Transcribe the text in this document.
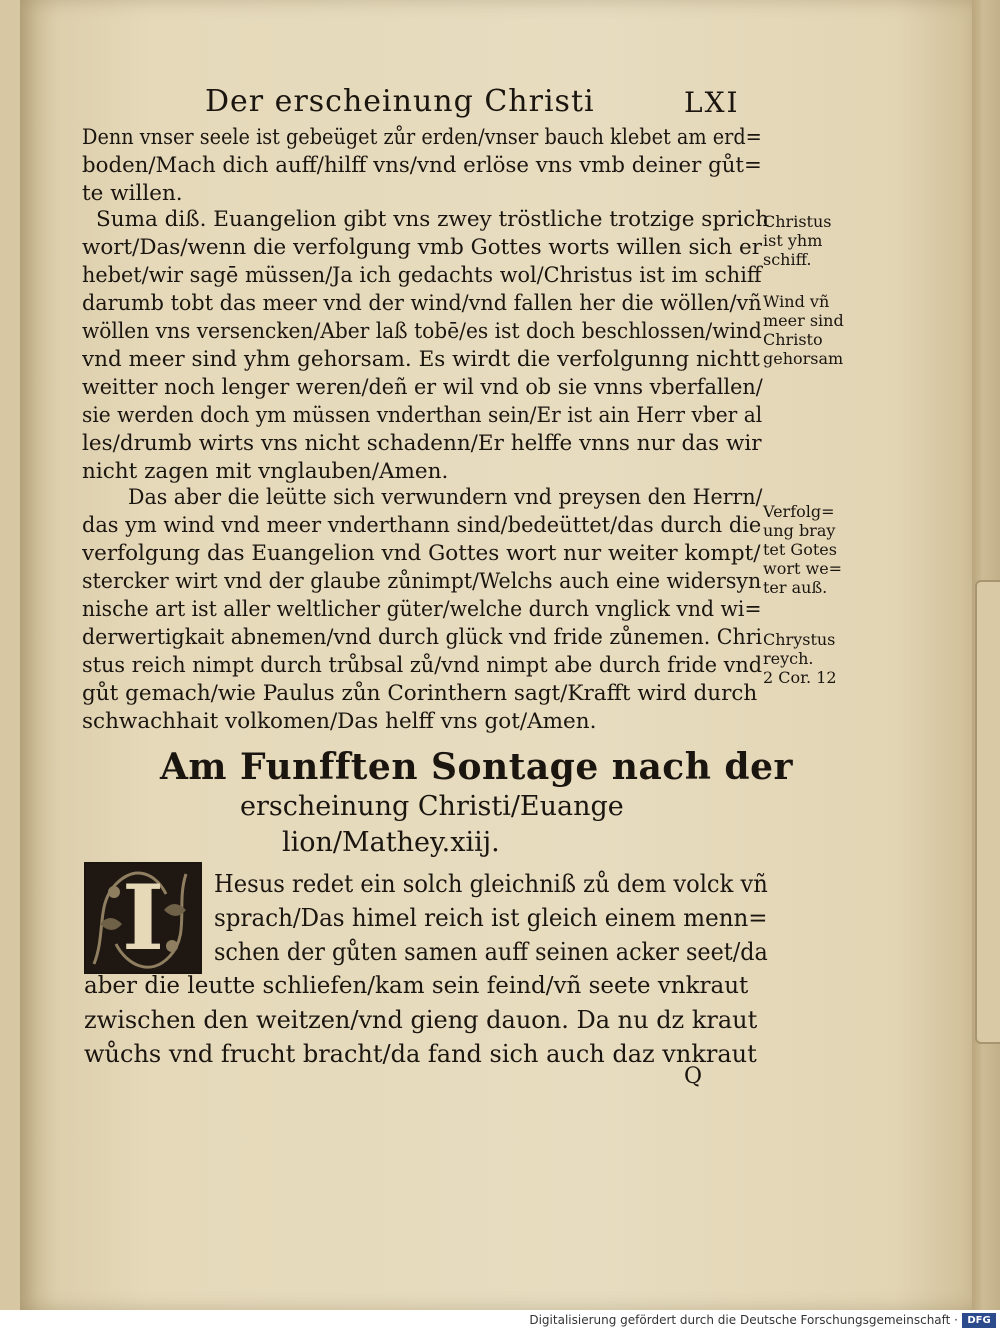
Der erscheinung Christi	LXI
Denn vnser seele ist gebeüget zůr erden/vnser bauch klebet am erd=
boden/Mach dich auff/hilff vns/vnd erlöse vns vmb deiner gůt=
te willen.
Suma diß. Euangelion gibt vns zwey tröstliche trotzige sprich
wort/Das/wenn die verfolgung vmb Gottes worts willen sich er
hebet/wir sagē müssen/Ja ich gedachts wol/Christus ist im schiff
darumb tobt das meer vnd der wind/vnd fallen her die wöllen/vñ
wöllen vns versencken/Aber laß tobē/es ist doch beschlossen/wind
vnd meer sind yhm gehorsam. Es wirdt die verfolgunng nichtt
weitter noch lenger weren/deñ er wil vnd ob sie vnns vberfallen/
sie werden doch ym müssen vnderthan sein/Er ist ain Herr vber al
les/drumb wirts vns nicht schadenn/Er helffe vnns nur das wir
nicht zagen mit vnglauben/Amen.
Das aber die leütte sich verwundern vnd preysen den Herrn/
das ym wind vnd meer vnderthann sind/bedeüttet/das durch die
verfolgung das Euangelion vnd Gottes wort nur weiter kompt/
stercker wirt vnd der glaube zůnimpt/Welchs auch eine widersyn
nische art ist aller weltlicher güter/welche durch vnglick vnd wi=
derwertigkait abnemen/vnd durch glück vnd fride zůnemen. Chri
stus reich nimpt durch trůbsal zů/vnd nimpt abe durch fride vnd
gůt gemach/wie Paulus zůn Corinthern sagt/Krafft wird durch
schwachhait volkomen/Das helff vns got/Amen.
Christus
ist yhm
schiff.
Wind vñ
meer sind
Christo
gehorsam
Verfolg=
ung bray
tet Gotes
wort we=
ter auß.
Chrystus
reych.
2 Cor. 12
Am Funfften Sontage nach der
erscheinung Christi/Euange
lion/Mathey.xiij.
I	Hesus redet ein solch gleichniß zů dem volck vñ
sprach/Das himel reich ist gleich einem menn=
schen der gůten samen auff seinen acker seet/da
aber die leutte schliefen/kam sein feind/vñ seete vnkraut
zwischen den weitzen/vnd gieng dauon. Da nu dz kraut
wůchs vnd frucht bracht/da fand sich auch daz vnkraut
Q
Digitalisierung gefördert durch die Deutsche Forschungsgemeinschaft · DFG
